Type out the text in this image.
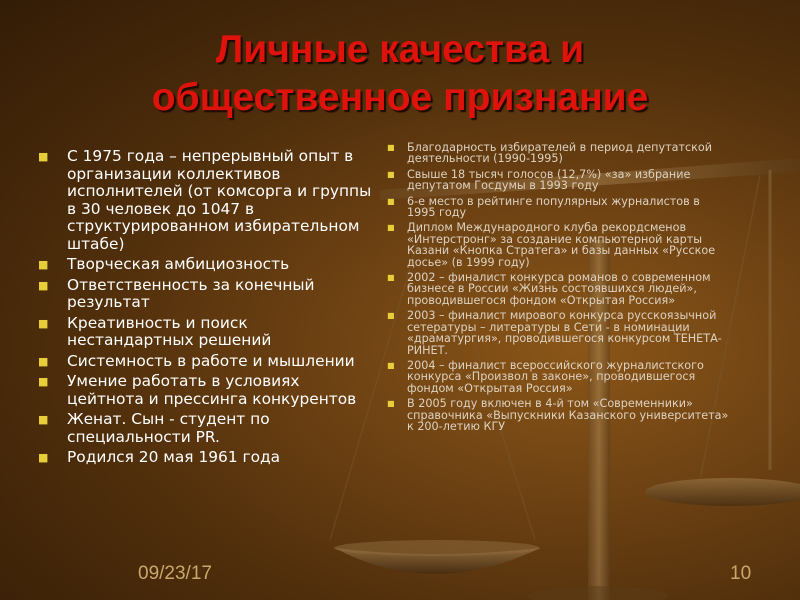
Личные качества и
общественное признание
■ С 1975 года – непрерывный опыт в организации коллективов исполнителей (от комсорга и группы в 30 человек до 1047 в структурированном избирательном штабе)
■ Творческая амбициозность
■ Ответственность за конечный результат
■ Креативность и поиск нестандартных решений
■ Системность в работе и мышлении
■ Умение работать в условиях цейтнота и прессинга конкурентов
■ Женат. Сын - студент по специальности PR.
■ Родился 20 мая 1961 года
■ Благодарность избирателей в период депутатской деятельности (1990-1995)
■ Свыше 18 тысяч голосов (12,7%) «за» избрание депутатом Госдумы в 1993 году
■ 6-е место в рейтинге популярных журналистов в 1995 году
■ Диплом Международного клуба рекордсменов «Интерстронг» за создание компьютерной карты Казани «Кнопка Стратега» и базы данных «Русское досье» (в 1999 году)
■ 2002 – финалист конкурса романов о современном бизнесе в России «Жизнь состоявшихся людей», проводившегося фондом «Открытая Россия»
■ 2003 – финалист мирового конкурса русскоязычной сетературы – литературы в Сети - в номинации «драматургия», проводившегося конкурсом ТЕНЕТА-РИНЕТ.
■ 2004 – финалист всероссийского журналистского конкурса «Произвол в законе», проводившегося фондом «Открытая Россия»
■ В 2005 году включен в 4-й том «Современники» справочника «Выпускники Казанского университета» к 200-летию КГУ
09/23/17	10
